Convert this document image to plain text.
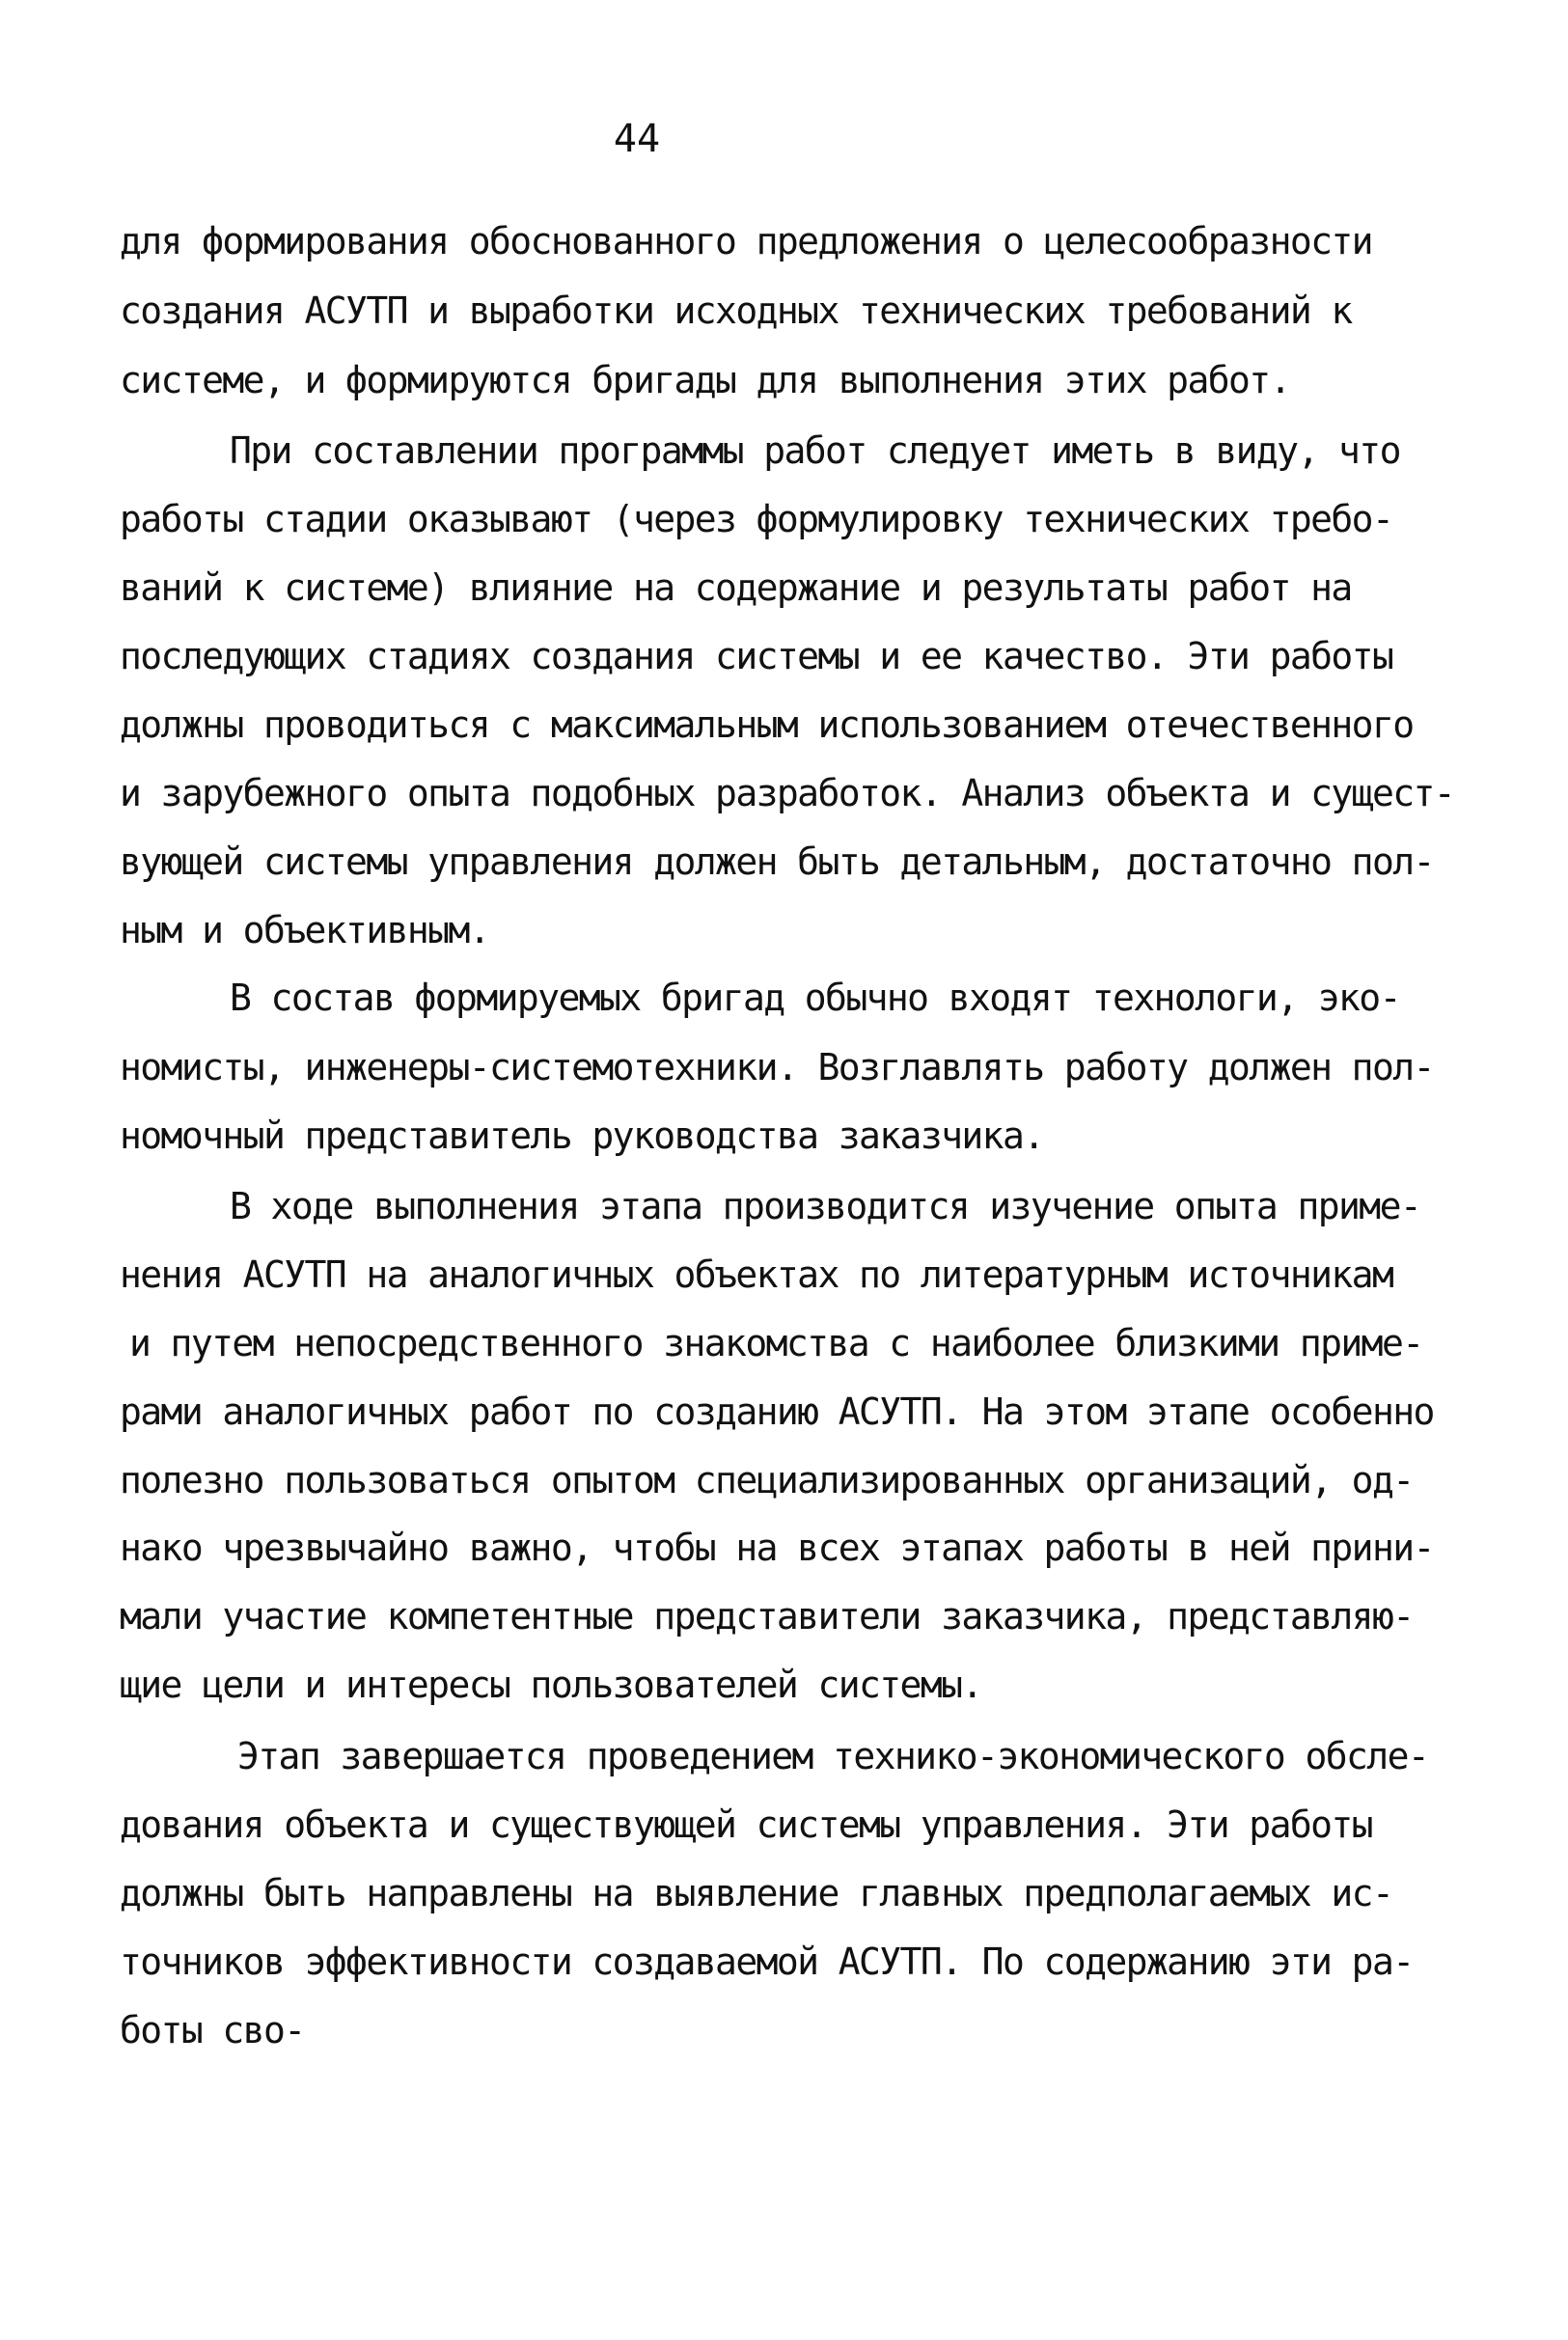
44
для формирования обоснованного предложения о целесообразности
создания АСУТП и выработки исходных технических требований к
системе, и формируются бригады для выполнения этих работ.
При составлении программы работ следует иметь в виду, что
работы стадии оказывают (через формулировку технических требо-
ваний к системе) влияние на содержание и результаты работ на
последующих стадиях создания системы и ее качество. Эти работы
должны проводиться с максимальным использованием отечественного
и зарубежного опыта подобных разработок. Анализ объекта и сущест-
вующей системы управления должен быть детальным, достаточно пол-
ным и объективным.
В состав формируемых бригад обычно входят технологи, эко-
номисты, инженеры-системотехники. Возглавлять работу должен пол-
номочный представитель руководства заказчика.
В ходе выполнения этапа производится изучение опыта приме-
нения АСУТП на аналогичных объектах по литературным источникам
и путем непосредственного знакомства с наиболее близкими приме-
рами аналогичных работ по созданию АСУТП. На этом этапе особенно
полезно пользоваться опытом специализированных организаций, од-
нако чрезвычайно важно, чтобы на всех этапах работы в ней прини-
мали участие компетентные представители заказчика, представляю-
щие цели и интересы пользователей системы.
Этап завершается проведением технико-экономического обсле-
дования объекта и существующей системы управления. Эти работы
должны быть направлены на выявление главных предполагаемых ис-
точников эффективности создаваемой АСУТП. По содержанию эти ра-
боты сво-
